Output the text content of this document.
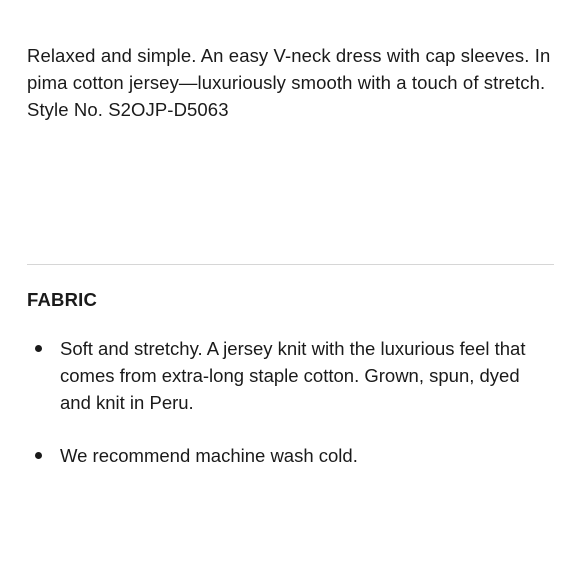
Relaxed and simple. An easy V-neck dress with cap sleeves. In pima cotton jersey—luxuriously smooth with a touch of stretch.

Style No. S2OJP-D5063

FABRIC
Soft and stretchy. A jersey knit with the luxurious feel that comes from extra-long staple cotton. Grown, spun, dyed and knit in Peru.
We recommend machine wash cold.
